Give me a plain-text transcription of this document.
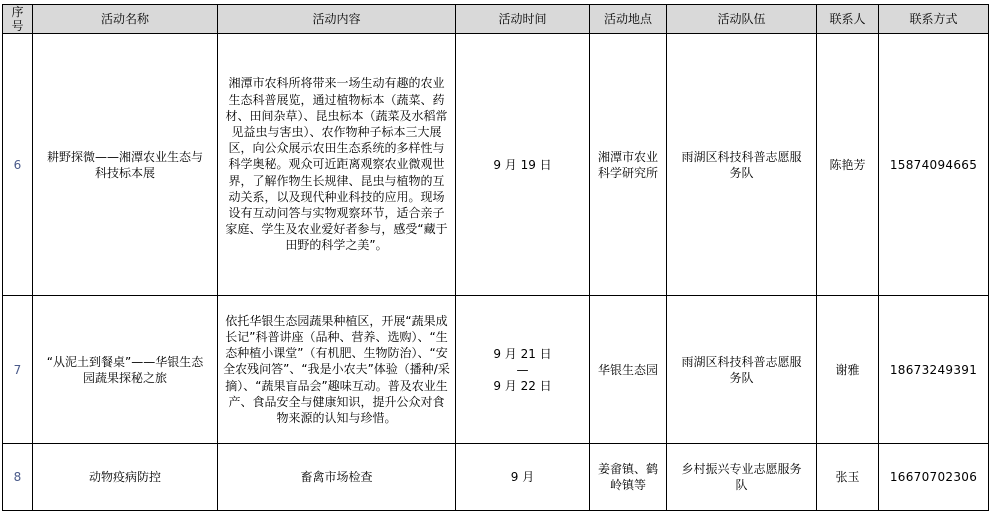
序号	活动名称	活动内容	活动时间	活动地点	活动队伍	联系人	联系方式
6	耕野探微——湘潭农业生态与科技标本展	湘潭市农科所将带来一场生动有趣的农业生态科普展览，通过植物标本（蔬菜、药材、田间杂草）、昆虫标本（蔬菜及水稻常见益虫与害虫）、农作物种子标本三大展区，向公众展示农田生态系统的多样性与科学奥秘。观众可近距离观察农业微观世界，了解作物生长规律、昆虫与植物的互动关系，以及现代种业科技的应用。现场设有互动问答与实物观察环节，适合亲子家庭、学生及农业爱好者参与，感受“藏于田野的科学之美”。	9 月 19 日	湘潭市农业科学研究所	雨湖区科技科普志愿服务队	陈艳芳	15874094665
7	“从泥土到餐桌”——华银生态园蔬果探秘之旅	依托华银生态园蔬果种植区，开展“蔬果成长记”科普讲座（品种、营养、选购）、“生态种植小课堂”（有机肥、生物防治）、“安全农残问答”、“我是小农夫”体验（播种/采摘）、“蔬果盲品会”趣味互动。普及农业生产、食品安全与健康知识，提升公众对食物来源的认知与珍惜。	9 月 21 日
—
9 月 22 日	华银生态园	雨湖区科技科普志愿服务队	谢雅	18673249391
8	动物疫病防控	畜禽市场检查	9 月	姜畲镇、鹤岭镇等	乡村振兴专业志愿服务队	张玉	16670702306
